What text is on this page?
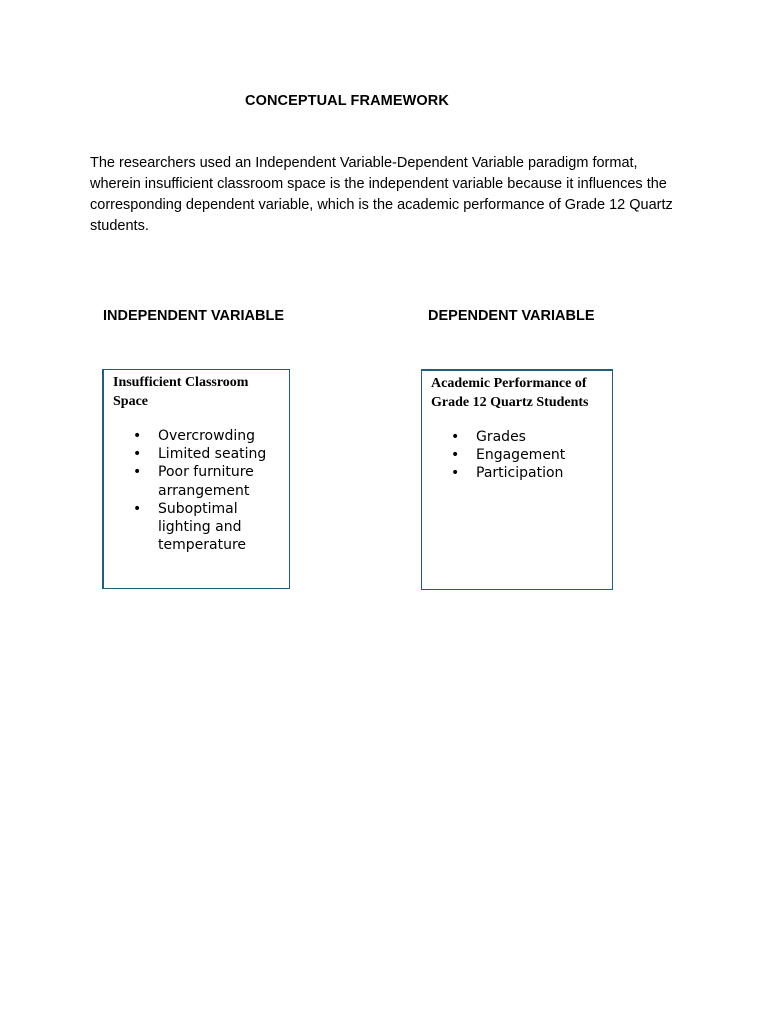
CONCEPTUAL FRAMEWORK

The researchers used an Independent Variable-Dependent Variable paradigm format, wherein insufficient classroom space is the independent variable because it influences the corresponding dependent variable, which is the academic performance of Grade 12 Quartz students.

INDEPENDENT VARIABLE	DEPENDENT VARIABLE

Insufficient Classroom Space

• Overcrowding
• Limited seating
• Poor furniture arrangement
• Suboptimal lighting and temperature

Academic Performance of Grade 12 Quartz Students

• Grades
• Engagement
• Participation
